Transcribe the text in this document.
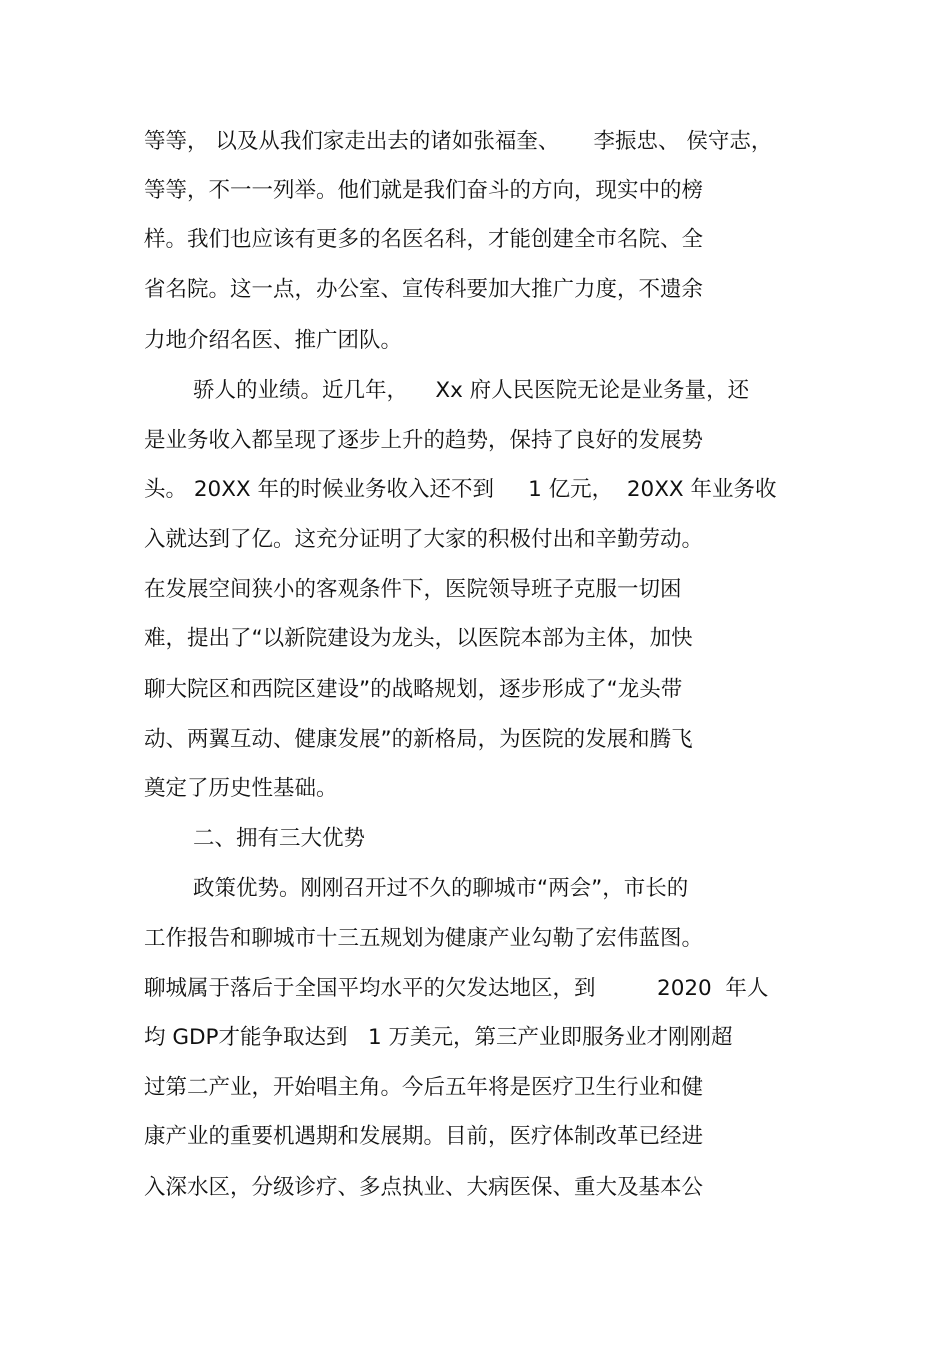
等等， 以及从我们家走出去的诸如张福奎、     李振忠、 侯守志，
等等，不一一列举。他们就是我们奋斗的方向，现实中的榜
样。我们也应该有更多的名医名科，才能创建全市名院、全
省名院。这一点，办公室、宣传科要加大推广力度，不遗余
力地介绍名医、推广团队。
骄人的业绩。近几年，    Xx 府人民医院无论是业务量，还
是业务收入都呈现了逐步上升的趋势，保持了良好的发展势
头。 20XX 年的时候业务收入还不到     1 亿元，  20XX 年业务收
入就达到了亿。这充分证明了大家的积极付出和辛勤劳动。
在发展空间狭小的客观条件下，医院领导班子克服一切困
难，提出了“以新院建设为龙头，以医院本部为主体，加快
聊大院区和西院区建设”的战略规划，逐步形成了“龙头带
动、两翼互动、健康发展”的新格局，为医院的发展和腾飞
奠定了历史性基础。
二、拥有三大优势
政策优势。刚刚召开过不久的聊城市“两会”，市长的
工作报告和聊城市十三五规划为健康产业勾勒了宏伟蓝图。
聊城属于落后于全国平均水平的欠发达地区，到         2020  年人
均 GDP才能争取达到   1 万美元，第三产业即服务业才刚刚超
过第二产业，开始唱主角。今后五年将是医疗卫生行业和健
康产业的重要机遇期和发展期。目前，医疗体制改革已经进
入深水区，分级诊疗、多点执业、大病医保、重大及基本公
